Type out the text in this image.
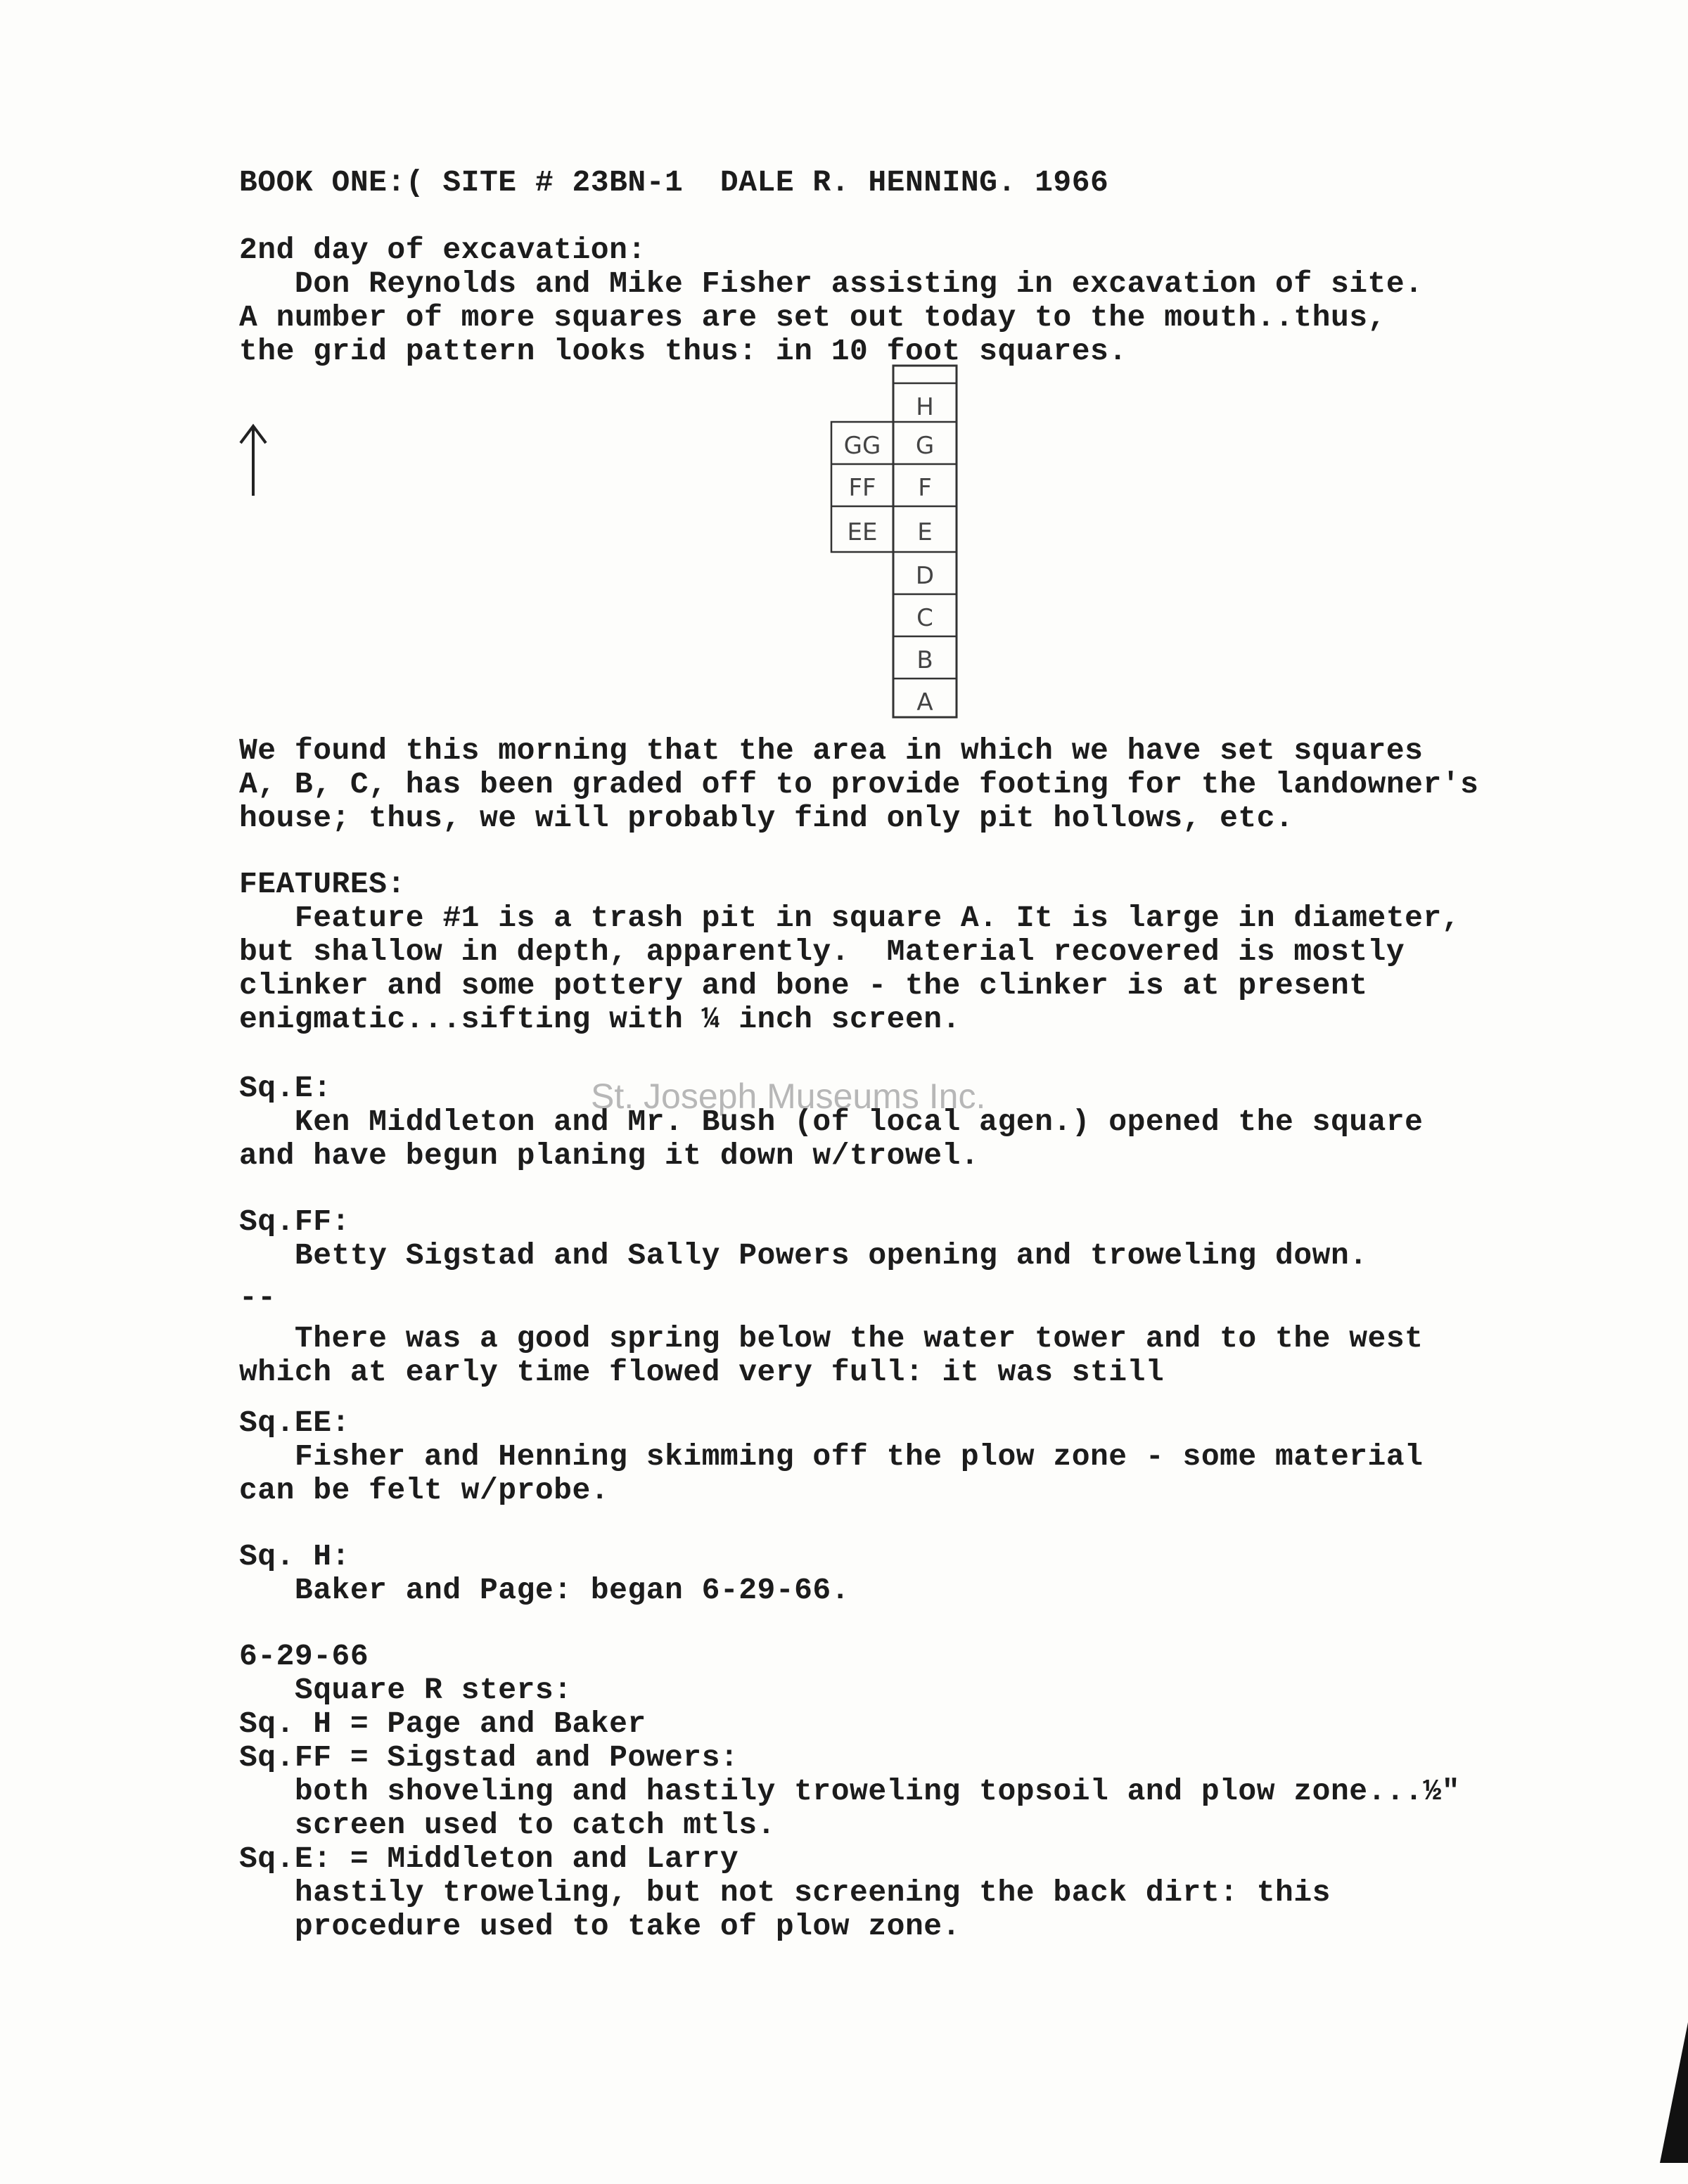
BOOK ONE:( SITE # 23BN-1  DALE R. HENNING. 1966
2nd day of excavation:
Don Reynolds and Mike Fisher assisting in excavation of site.
A number of more squares are set out today to the mouth..thus,
the grid pattern looks thus: in 10 foot squares.
H
G
F
E
D
C
B
A
GG
FF
EE
We found this morning that the area in which we have set squares
A, B, C, has been graded off to provide footing for the landowner's
house; thus, we will probably find only pit hollows, etc.
FEATURES:
Feature #1 is a trash pit in square A. It is large in diameter,
but shallow in depth, apparently.  Material recovered is mostly
clinker and some pottery and bone - the clinker is at present
enigmatic...sifting with ¼ inch screen.
St. Joseph Museums Inc.
Sq.E:
Ken Middleton and Mr. Bush (of local agen.) opened the square
and have begun planing it down w/trowel.
Sq.FF:
Betty Sigstad and Sally Powers opening and troweling down.
--
There was a good spring below the water tower and to the west
which at early time flowed very full: it was still
Sq.EE:
Fisher and Henning skimming off the plow zone - some material
can be felt w/probe.
Sq. H:
Baker and Page: began 6-29-66.
6-29-66
Square R sters:
Sq. H = Page and Baker
Sq.FF = Sigstad and Powers:
both shoveling and hastily troweling topsoil and plow zone...½"
screen used to catch mtls.
Sq.E: = Middleton and Larry
hastily troweling, but not screening the back dirt: this
procedure used to take of plow zone.
